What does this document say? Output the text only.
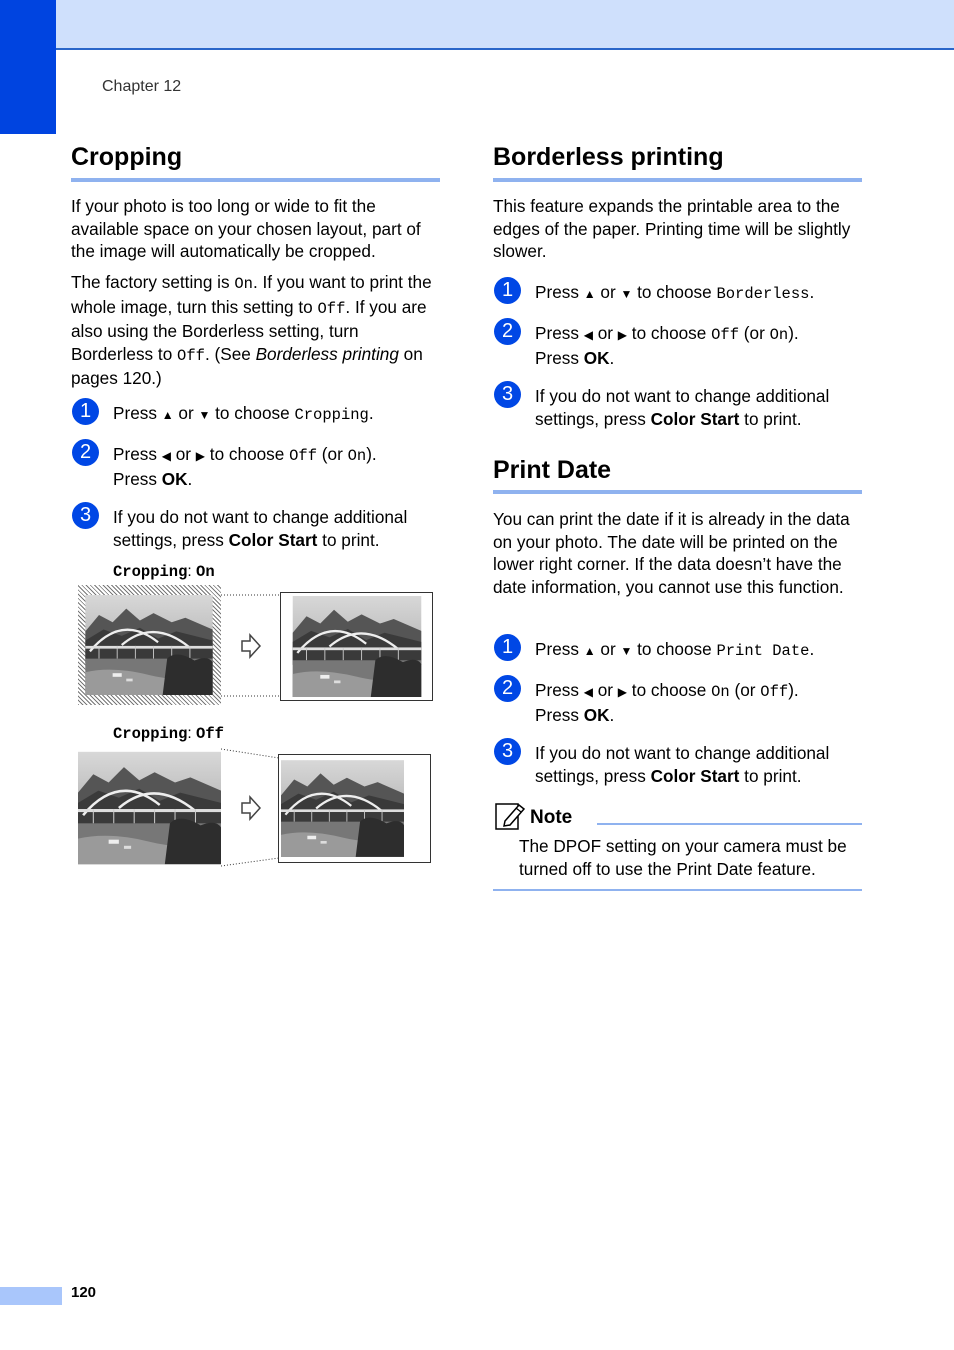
Chapter 12
Cropping
If your photo is too long or wide to fit the available space on your chosen layout, part of the image will automatically be cropped.
The factory setting is On. If you want to print the whole image, turn this setting to Off. If you are also using the Borderless setting, turn Borderless to Off. (See Borderless printing on pages 120.)
1	Press ▲ or ▼ to choose Cropping.
2	Press ◀ or ▶ to choose Off (or On).
Press OK.
3	If you do not want to change additional
settings, press Color Start to print.
Cropping: On
Cropping: Off
Borderless printing
This feature expands the printable area to the edges of the paper. Printing time will be slightly slower.
1	Press ▲ or ▼ to choose Borderless.
2	Press ◀ or ▶ to choose Off (or On).
Press OK.
3	If you do not want to change additional
settings, press Color Start to print.
Print Date
You can print the date if it is already in the data on your photo. The date will be printed on the lower right corner. If the data doesn’t have the date information, you cannot use this function.
1	Press ▲ or ▼ to choose Print Date.
2	Press ◀ or ▶ to choose On (or Off).
Press OK.
3	If you do not want to change additional
settings, press Color Start to print.
Note
The DPOF setting on your camera must be turned off to use the Print Date feature.
120
